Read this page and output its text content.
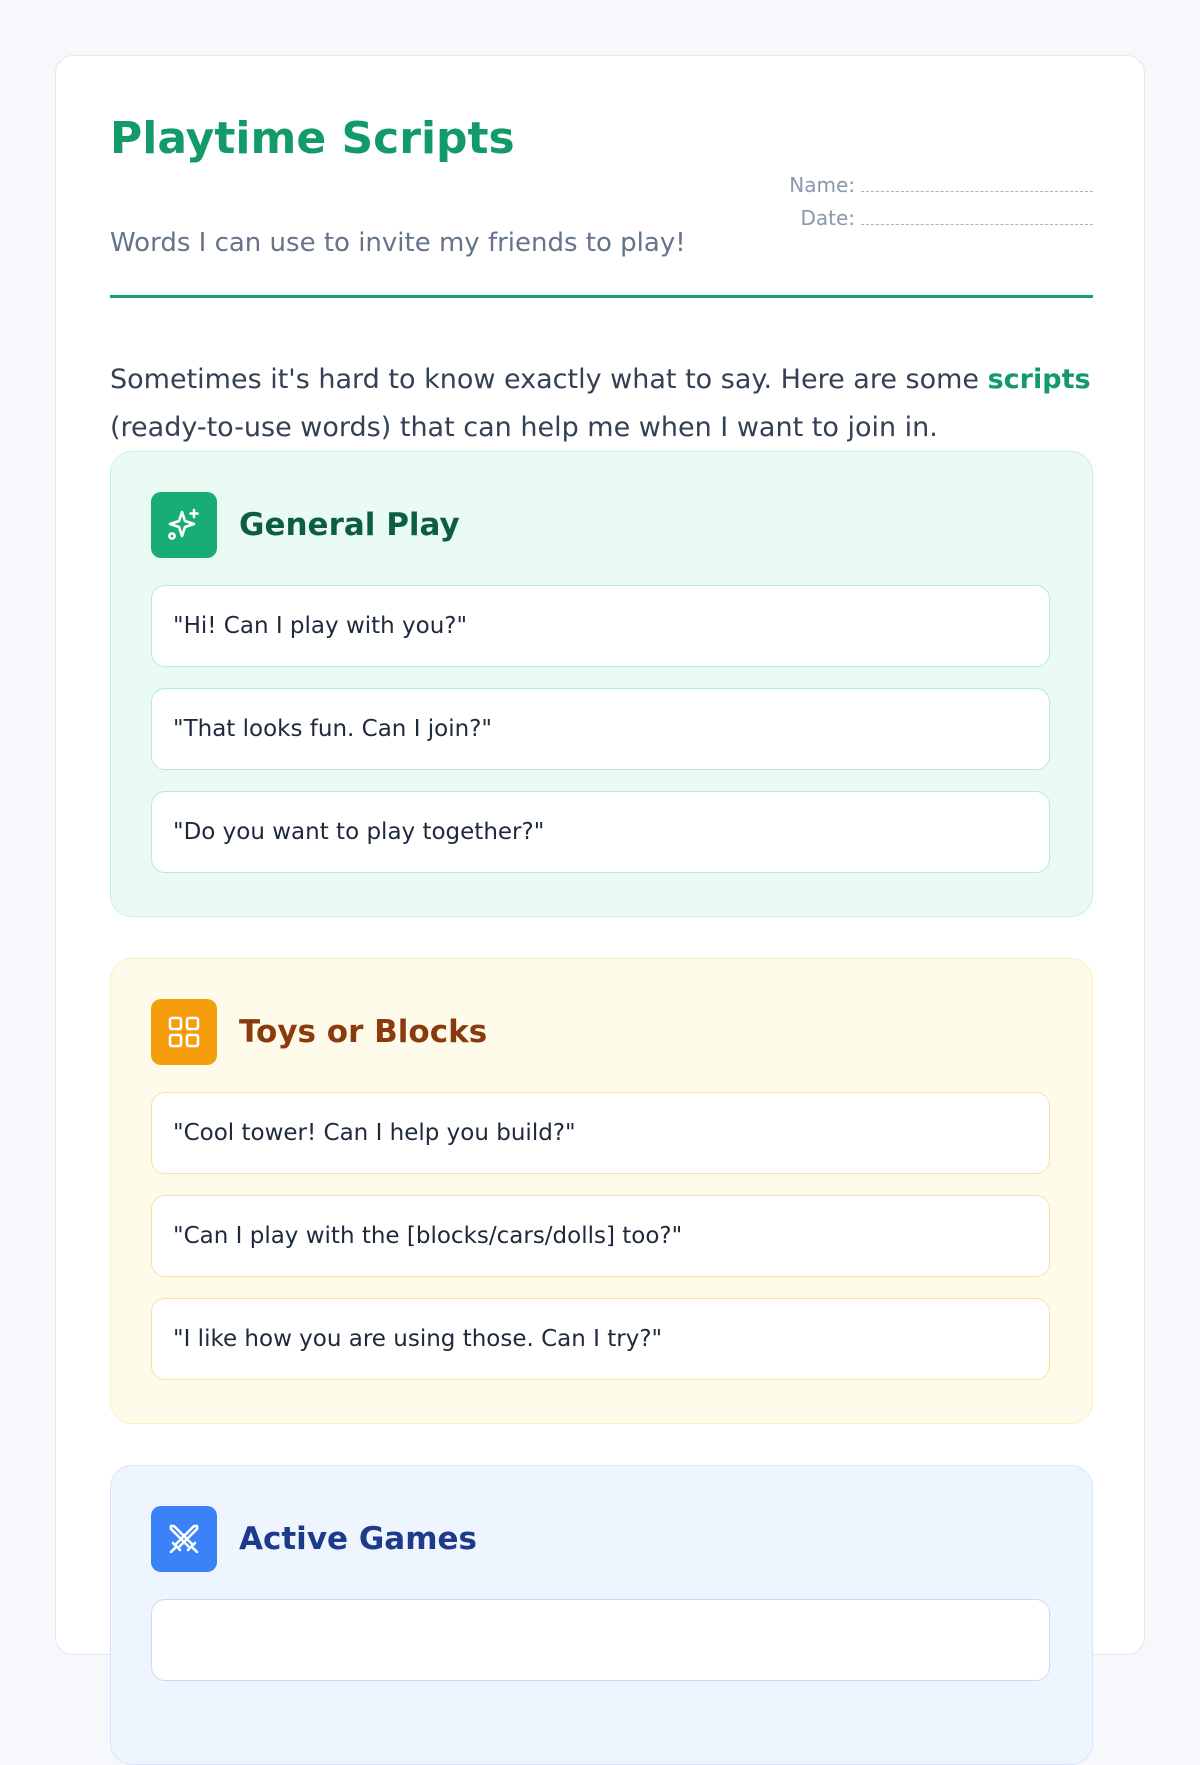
Playtime Scripts

Words I can use to invite my friends to play!

Name:
Date:

Sometimes it's hard to know exactly what to say. Here are some scripts (ready-to-use words) that can help me when I want to join in.

General Play
"Hi! Can I play with you?"
"That looks fun. Can I join?"
"Do you want to play together?"
Toys or Blocks
"Cool tower! Can I help you build?"
"Can I play with the [blocks/cars/dolls] too?"
"I like how you are using those. Can I try?"
Active Games
